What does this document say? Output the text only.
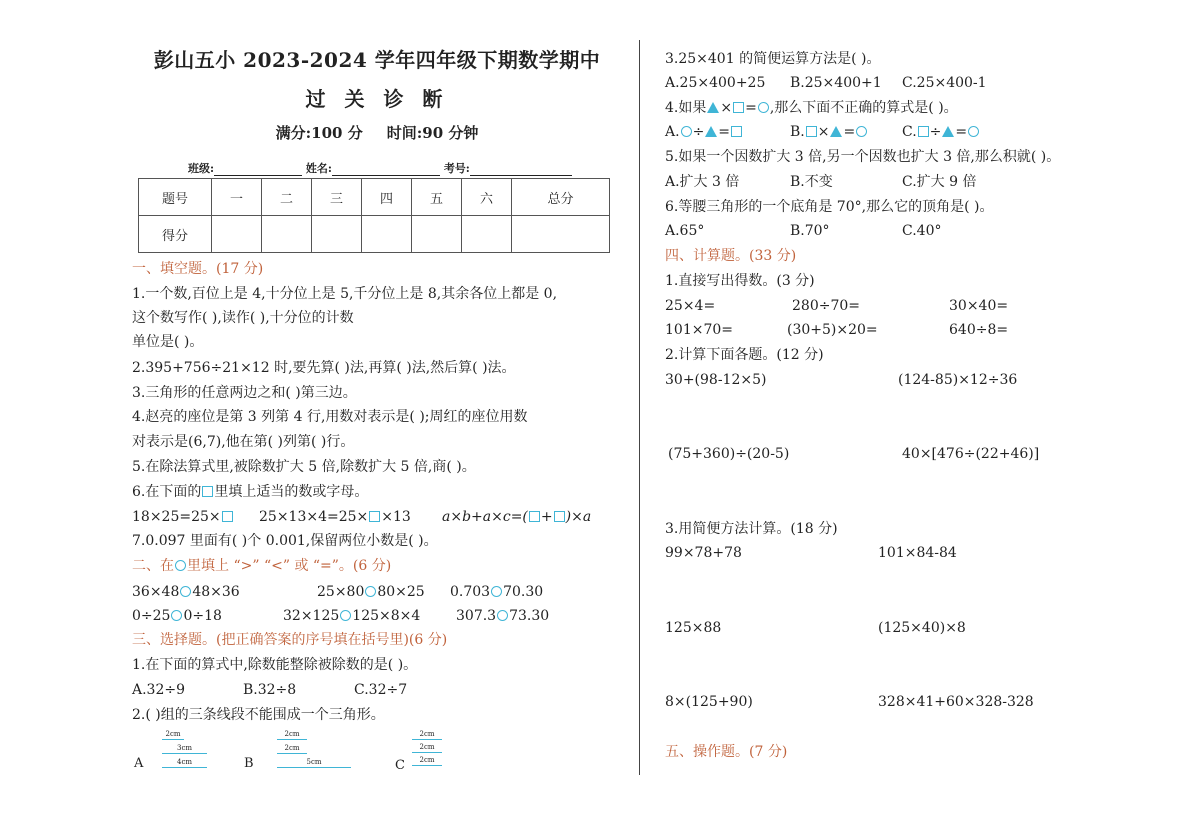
彭山五小 2023-2024 学年四年级下期数学期中
过 关 诊 断
满分:100 分 时间:90 分钟
班级:	姓名:	考号:
题号	一	二	三	四	五	六	总分
得分							
一、填空题。(17 分)
1.一个数,百位上是 4,十分位上是 5,千分位上是 8,其余各位上都是 0,
这个数写作( ),读作( ),十分位的计数
单位是( )。
2.395+756÷21×12 时,要先算( )法,再算( )法,然后算( )法。
3.三角形的任意两边之和( )第三边。
4.赵亮的座位是第 3 列第 4 行,用数对表示是( );周红的座位用数
对表示是(6,7),他在第( )列第( )行。
5.在除法算式里,被除数扩大 5 倍,除数扩大 5 倍,商( )。
6.在下面的 里填上适当的数或字母。
18×25=25×	25×13×4=25× ×13 a×b+a×c=( + )×a
7.0.097 里面有( )个 0.001,保留两位小数是( )。
二、在 里填上 “>” “<” 或 “=”。(6 分)
36×48 48×36	25×80 80×25 0.703 70.30
0÷25 0÷18	32×125 125×8×4	307.3 73.30
三、选择题。(把正确答案的序号填在括号里)(6 分)
1.在下面的算式中,除数能整除被除数的是( )。
A.32÷9	B.32÷8	C.32÷7
2.( )组的三条线段不能围成一个三角形。
A
2cm
3cm
4cm	B
2cm
2cm
5cm	C
2cm
2cm
2cm
3.25×401 的简便运算方法是( )。
A.25×400+25 B.25×400+1 C.25×400-1
4.如果 × = ,那么下面不正确的算式是( )。
A. ÷ =	B. × =	C. ÷ =
5.如果一个因数扩大 3 倍,另一个因数也扩大 3 倍,那么积就( )。
A.扩大 3 倍	B.不变	C.扩大 9 倍
6.等腰三角形的一个底角是 70°,那么它的顶角是( )。
A.65°	B.70°	C.40°
四、计算题。(33 分)
1.直接写出得数。(3 分)
25×4=	280÷70=	30×40=
101×70=	(30+5)×20=	640÷8=
2.计算下面各题。(12 分)
30+(98-12×5)	(124-85)×12÷36
(75+360)÷(20-5)	40×[476÷(22+46)]
3.用简便方法计算。(18 分)
99×78+78	101×84-84
125×88	(125×40)×8
8×(125+90)	328×41+60×328-328
五、操作题。(7 分)
